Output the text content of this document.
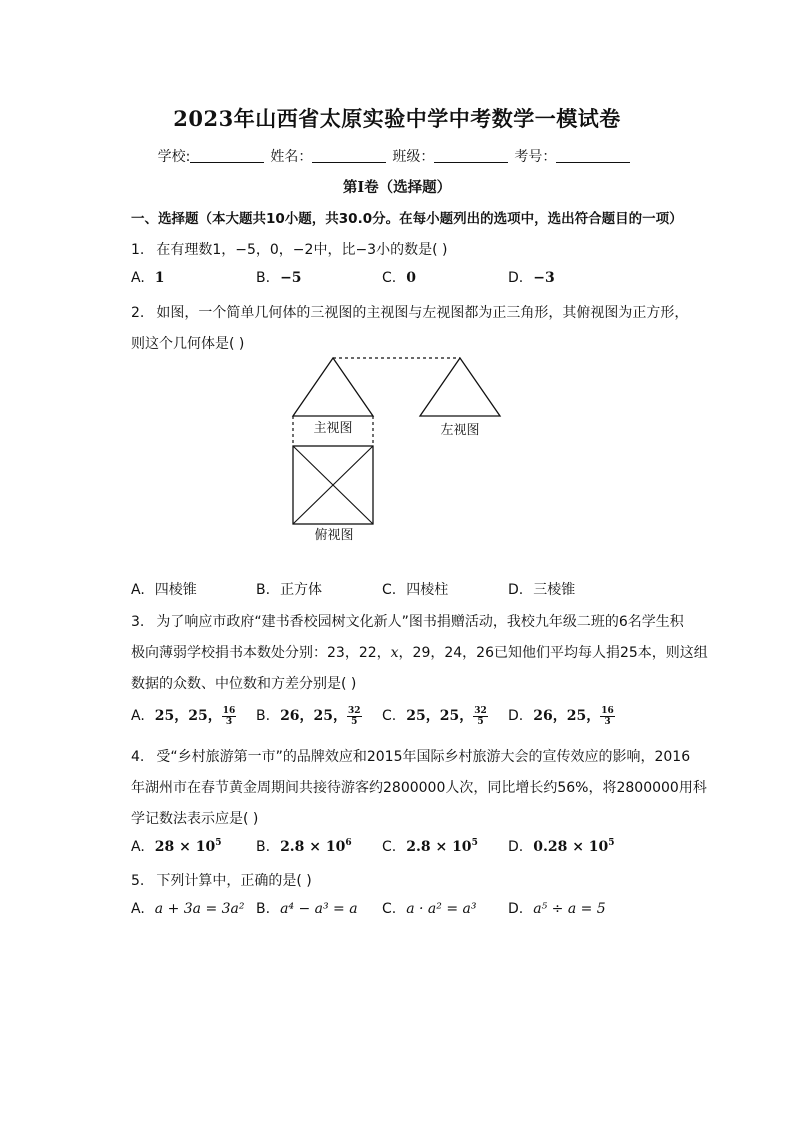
2023年山西省太原实验中学中考数学一模试卷
学校:	姓名：	班级：	考号：
第I卷（选择题）
一、选择题（本大题共10小题，共30.0分。在每小题列出的选项中，选出符合题目的一项）
1. 在有理数1，−5，0，−2中，比−3小的数是( )
A. 1	B. −5	C. 0	D. −3
2. 如图，一个简单几何体的三视图的主视图与左视图都为正三角形，其俯视图为正方形，
则这个几何体是( )
主视图	左视图
俯视图
A. 四棱锥	B. 正方体	C. 四棱柱	D. 三棱锥
3. 为了响应市政府“建书香校园树文化新人”图书捐赠活动，我校九年级二班的6名学生积
极向薄弱学校捐书本数处分别：23，22，x，29，24，26已知他们平均每人捐25本，则这组
数据的众数、中位数和方差分别是( )
A. 25，25， $\frac{16}{3} B$. 26，25， $\frac{32}{5} C$. 25，25， $\frac{32}{5} D$. 26，25， $\frac{16}{3}$
4. 受“乡村旅游第一市”的品牌效应和2015年国际乡村旅游大会的宣传效应的影响，2016
年湖州市在春节黄金周期间共接待游客约2800000人次，同比增长约56%，将2800000用科
学记数法表示应是( )
A. $28 \times 10^5$ B. $2.8 \times 10^6$ C. $2.8 \times 10^5$ D. $0.28 \times 10^5$
5. 下列计算中，正确的是( )
A. a + 3a = 3a² B. a⁴ − a³ = a C. a · a² = a³ D. a⁵ ÷ a = 5
